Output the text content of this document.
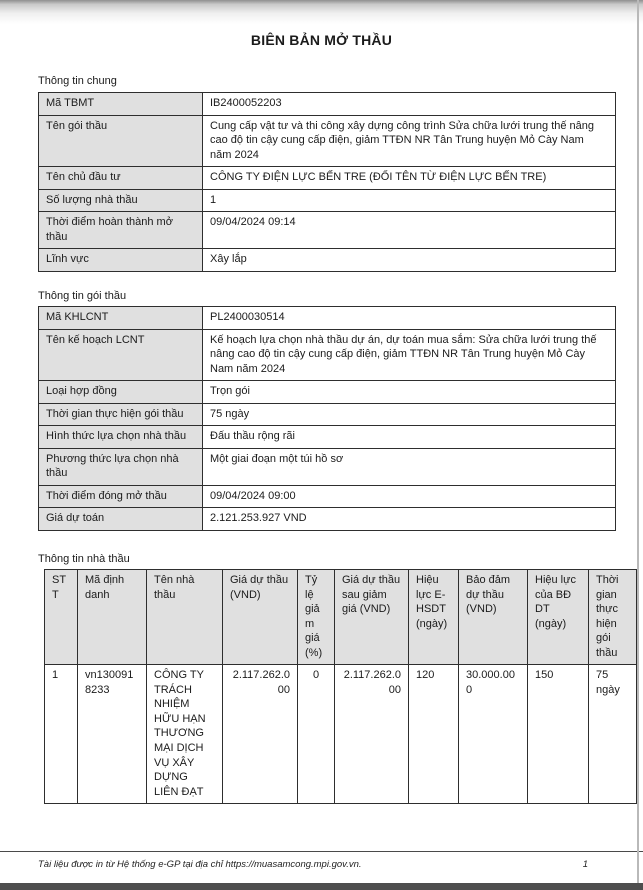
BIÊN BẢN MỞ THẦU
Thông tin chung
Mã TBMT	IB2400052203
Tên gói thầu	Cung cấp vật tư và thi công xây dựng công trình Sửa chữa lưới trung thế nâng cao độ tin cậy cung cấp điện, giảm TTĐN NR Tân Trung huyện Mỏ Cày Nam năm 2024
Tên chủ đầu tư	CÔNG TY ĐIỆN LỰC BẾN TRE (ĐỔI TÊN TỪ ĐIỆN LỰC BẾN TRE)
Số lượng nhà thầu	1
Thời điểm hoàn thành mở thầu	09/04/2024 09:14
Lĩnh vực	Xây lắp
Thông tin gói thầu
Mã KHLCNT	PL2400030514
Tên kế hoạch LCNT	Kế hoạch lựa chọn nhà thầu dự án, dự toán mua sắm: Sửa chữa lưới trung thế nâng cao độ tin cậy cung cấp điện, giảm TTĐN NR Tân Trung huyện Mỏ Cày Nam năm 2024
Loại hợp đồng	Trọn gói
Thời gian thực hiện gói thầu	75 ngày
Hình thức lựa chọn nhà thầu	Đấu thầu rộng rãi
Phương thức lựa chọn nhà thầu	Một giai đoạn một túi hồ sơ
Thời điểm đóng mở thầu	09/04/2024 09:00
Giá dự toán	2.121.253.927 VND
Thông tin nhà thầu
STT	Mã định danh	Tên nhà thầu	Giá dự thầu (VND)	Tỷ lệ giảm giá (%)	Giá dự thầu sau giảm giá (VND)	Hiệu lực E-HSDT (ngày)	Bảo đảm dự thầu (VND)	Hiệu lực của BĐ DT (ngày)	Thời gian thực hiện gói thầu
1	vn1300918233	CÔNG TY TRÁCH NHIỆM HỮU HẠN THƯƠNG MẠI DỊCH VỤ XÂY DỰNG LIÊN ĐẠT	2.117.262.000	0	2.117.262.000	120	30.000.000	150	75 ngày
Tài liệu được in từ Hệ thống e-GP tại địa chỉ https://muasamcong.mpi.gov.vn.	1
